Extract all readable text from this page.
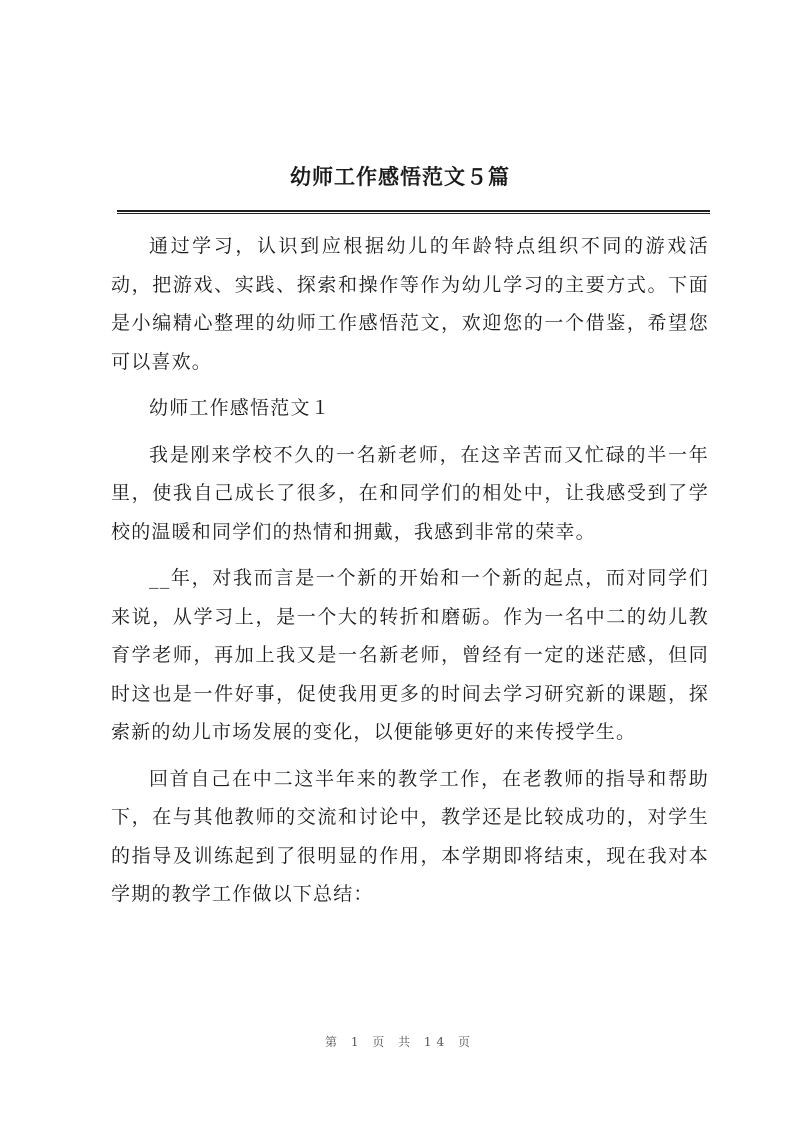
幼师工作感悟范文５篇

通过学习，认识到应根据幼儿的年龄特点组织不同的游戏活动，把游戏、实践、探索和操作等作为幼儿学习的主要方式。下面是小编精心整理的幼师工作感悟范文，欢迎您的一个借鉴，希望您可以喜欢。

幼师工作感悟范文１

我是刚来学校不久的一名新老师，在这辛苦而又忙碌的半一年里，使我自己成长了很多，在和同学们的相处中，让我感受到了学校的温暖和同学们的热情和拥戴，我感到非常的荣幸。

__年，对我而言是一个新的开始和一个新的起点，而对同学们来说，从学习上，是一个大的转折和磨砺。作为一名中二的幼儿教育学老师，再加上我又是一名新老师，曾经有一定的迷茫感，但同时这也是一件好事，促使我用更多的时间去学习研究新的课题，探索新的幼儿市场发展的变化，以便能够更好的来传授学生。

回首自己在中二这半年来的教学工作，在老教师的指导和帮助下，在与其他教师的交流和讨论中，教学还是比较成功的，对学生的指导及训练起到了很明显的作用，本学期即将结束，现在我对本学期的教学工作做以下总结：

第 1 页 共 14 页
